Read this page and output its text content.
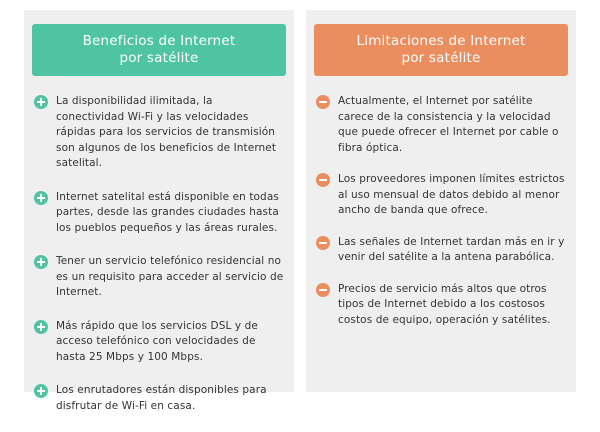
Beneficios de Internet
por satélite
La disponibilidad ilimitada, la conectividad Wi-Fi y las velocidades rápidas para los servicios de transmisión son algunos de los beneficios de Internet satelital.
Internet satelital está disponible en todas partes, desde las grandes ciudades hasta los pueblos pequeños y las áreas rurales.
Tener un servicio telefónico residencial no es un requisito para acceder al servicio de Internet.
Más rápido que los servicios DSL y de acceso telefónico con velocidades de hasta 25 Mbps y 100 Mbps.
Los enrutadores están disponibles para disfrutar de Wi-Fi en casa.
Limitaciones de Internet
por satélite
Actualmente, el Internet por satélite carece de la consistencia y la velocidad que puede ofrecer el Internet por cable o fibra óptica.
Los proveedores imponen límites estrictos al uso mensual de datos debido al menor ancho de banda que ofrece.
Las señales de Internet tardan más en ir y venir del satélite a la antena parabólica.
Precios de servicio más altos que otros tipos de Internet debido a los costosos costos de equipo, operación y satélites.
